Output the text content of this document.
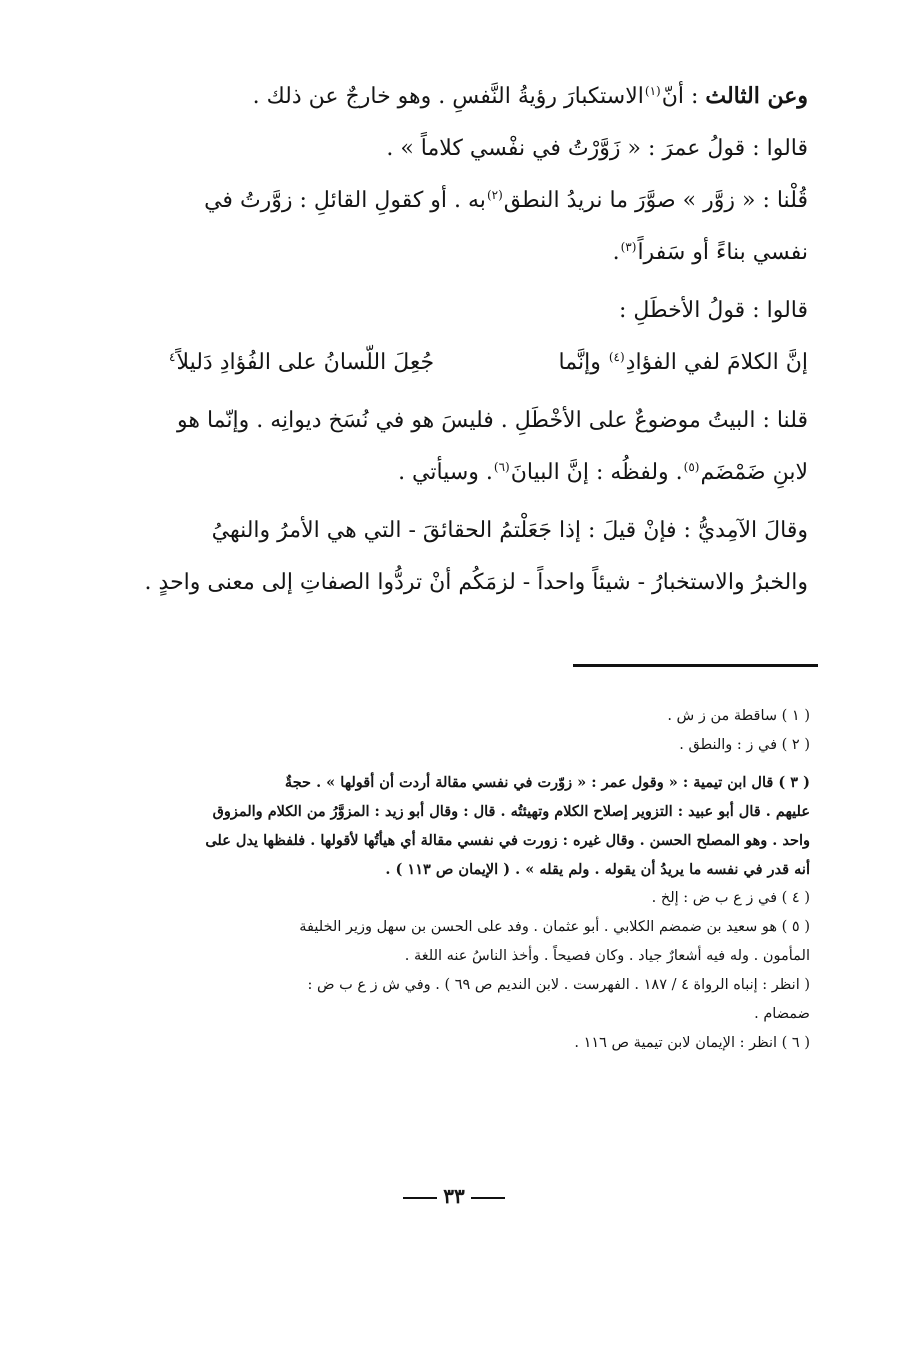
وعن الثالث : أنّ$^{(١)}$الاستكبارَ رؤيةُ النَّفسِ . وهو خارجٌ عن ذلك .

قالوا : قولُ عمرَ : « زَوَّرْتُ في نفْسي كلاماً » .

قُلْنا : « زوَّر » صوَّرَ ما نريدُ النطق$^{(٢)}$به . أو كقولِ القائلِ : زوَّرتُ في

نفسي بناءً أو سَفراً$^{(٣)}$.

قالوا : قولُ الأخطَلِ :

إنَّ الكلامَ لفي الفؤادِ$^{(٤)}$ وإنَّما
جُعِلَ اللّسانُ على الفُؤادِ دَليلاً$^٤$

قلنا : البيتُ موضوعٌ على الأخْطَلِ . فليسَ هو في نُسَخ ديوانِه . وإنّما هو

لابنِ ضَمْضَم$^{(٥)}$. ولفظُه : إنَّ البيانَ$^{(٦)}$. وسيأتي .

وقالَ الآمِديُّ : فإنْ قيلَ : إذا جَعَلْتمُ الحقائقَ - التي هي الأمرُ والنهيُ

والخبرُ والاستخبارُ - شيئاً واحداً - لزمَكُم أنْ تردُّوا الصفاتِ إلى معنى واحدٍ .

( ١ ) ساقطة من ز ش .

( ٢ ) في ز : والنطق .

( ٣ ) قال ابن تيمية : « وقول عمر : « زوّرت في نفسي مقالة أردت أن أقولها » . حجةٌ

عليهم . قال أبو عبيد : التزوير إصلاح الكلام وتهيئتُه . قال : وقال أبو زيد : المزوَّرُ من الكلام والمزوق

واحد . وهو المصلح الحسن . وقال غيره : زورت في نفسي مقالة أي هيأتُها لأقولها . فلفظها يدل على

أنه قدر في نفسه ما يريدُ أن يقوله . ولم يقله » . ( الإيمان ص ١١٣ ) .

( ٤ ) في ز ع ب ض : إلخ .

( ٥ ) هو سعيد بن ضمضم الكلابي . أبو عثمان . وفد على الحسن بن سهل وزير الخليفة

المأمون . وله فيه أشعارٌ جياد . وكان فصيحاً . وأخذ الناسُ عنه اللغة .

( انظر : إنباه الرواة ٤ / ١٨٧ . الفهرست . لابن النديم ص ٦٩ ) . وفي ش ز ع ب ض :

ضمضام .

( ٦ ) انظر : الإيمان لابن تيمية ص ١١٦ .

٣٣
